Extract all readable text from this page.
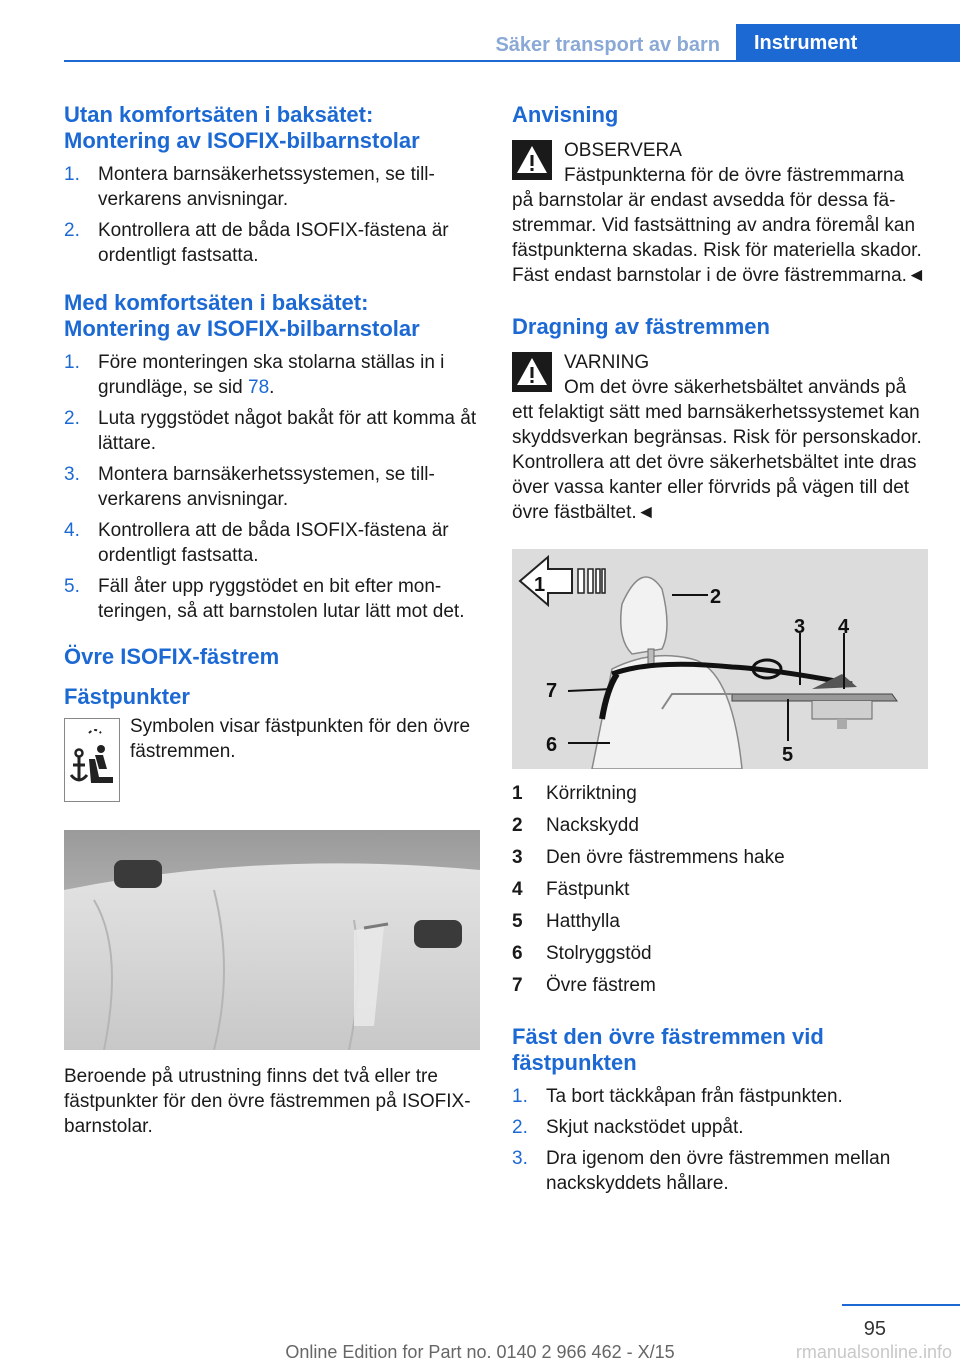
Säker transport av barn	Instrument
Utan komfortsäten i baksätet: Montering av ISOFIX-bilbarnstolar
1. Montera barnsäkerhetssystemen, se tillverkarens anvisningar.
2. Kontrollera att de båda ISOFIX-fästena är ordentligt fastsatta.
Med komfortsäten i baksätet: Montering av ISOFIX-bilbarnstolar
1. Före monteringen ska stolarna ställas in i grundläge, se sid 78.
2. Luta ryggstödet något bakåt för att komma åt lättare.
3. Montera barnsäkerhetssystemen, se tillverkarens anvisningar.
4. Kontrollera att de båda ISOFIX-fästena är ordentligt fastsatta.
5. Fäll åter upp ryggstödet en bit efter monteringen, så att barnstolen lutar lätt mot det.
Övre ISOFIX-fästrem
Fästpunkter
Symbolen visar fästpunkten för den övre fästremmen.

Beroende på utrustning finns det två eller tre fästpunkter för den övre fästremmen på ISOFIX-barnstolar.

Anvisning
OBSERVERA
Fästpunkterna för de övre fästremmarna på barnstolar är endast avsedda för dessa fästremmar. Vid fastsättning av andra föremål kan fästpunkterna skadas. Risk för materiella skador. Fäst endast barnstolar i de övre fästremmarna.◄
Dragning av fästremmen
VARNING
Om det övre säkerhetsbältet används på ett felaktigt sätt med barnsäkerhetssystemet kan skyddsverkan begränsas. Risk för personskador. Kontrollera att det övre säkerhetsbältet inte dras över vassa kanter eller förvrids på vägen till det övre fästbältet.◄
1
2
3 4
5
6
7
1	Körriktning
2	Nackskydd
3	Den övre fästremmens hake
4	Fästpunkt
5	Hatthylla
6	Stolryggstöd
7	Övre fästrem
Fäst den övre fästremmen vid fästpunkten
1. Ta bort täckkåpan från fästpunkten.
2. Skjut nackstödet uppåt.
3. Dra igenom den övre fästremmen mellan nackskyddets hållare.
95
Online Edition for Part no. 0140 2 966 462 - X/15	rmanualsonline.info
